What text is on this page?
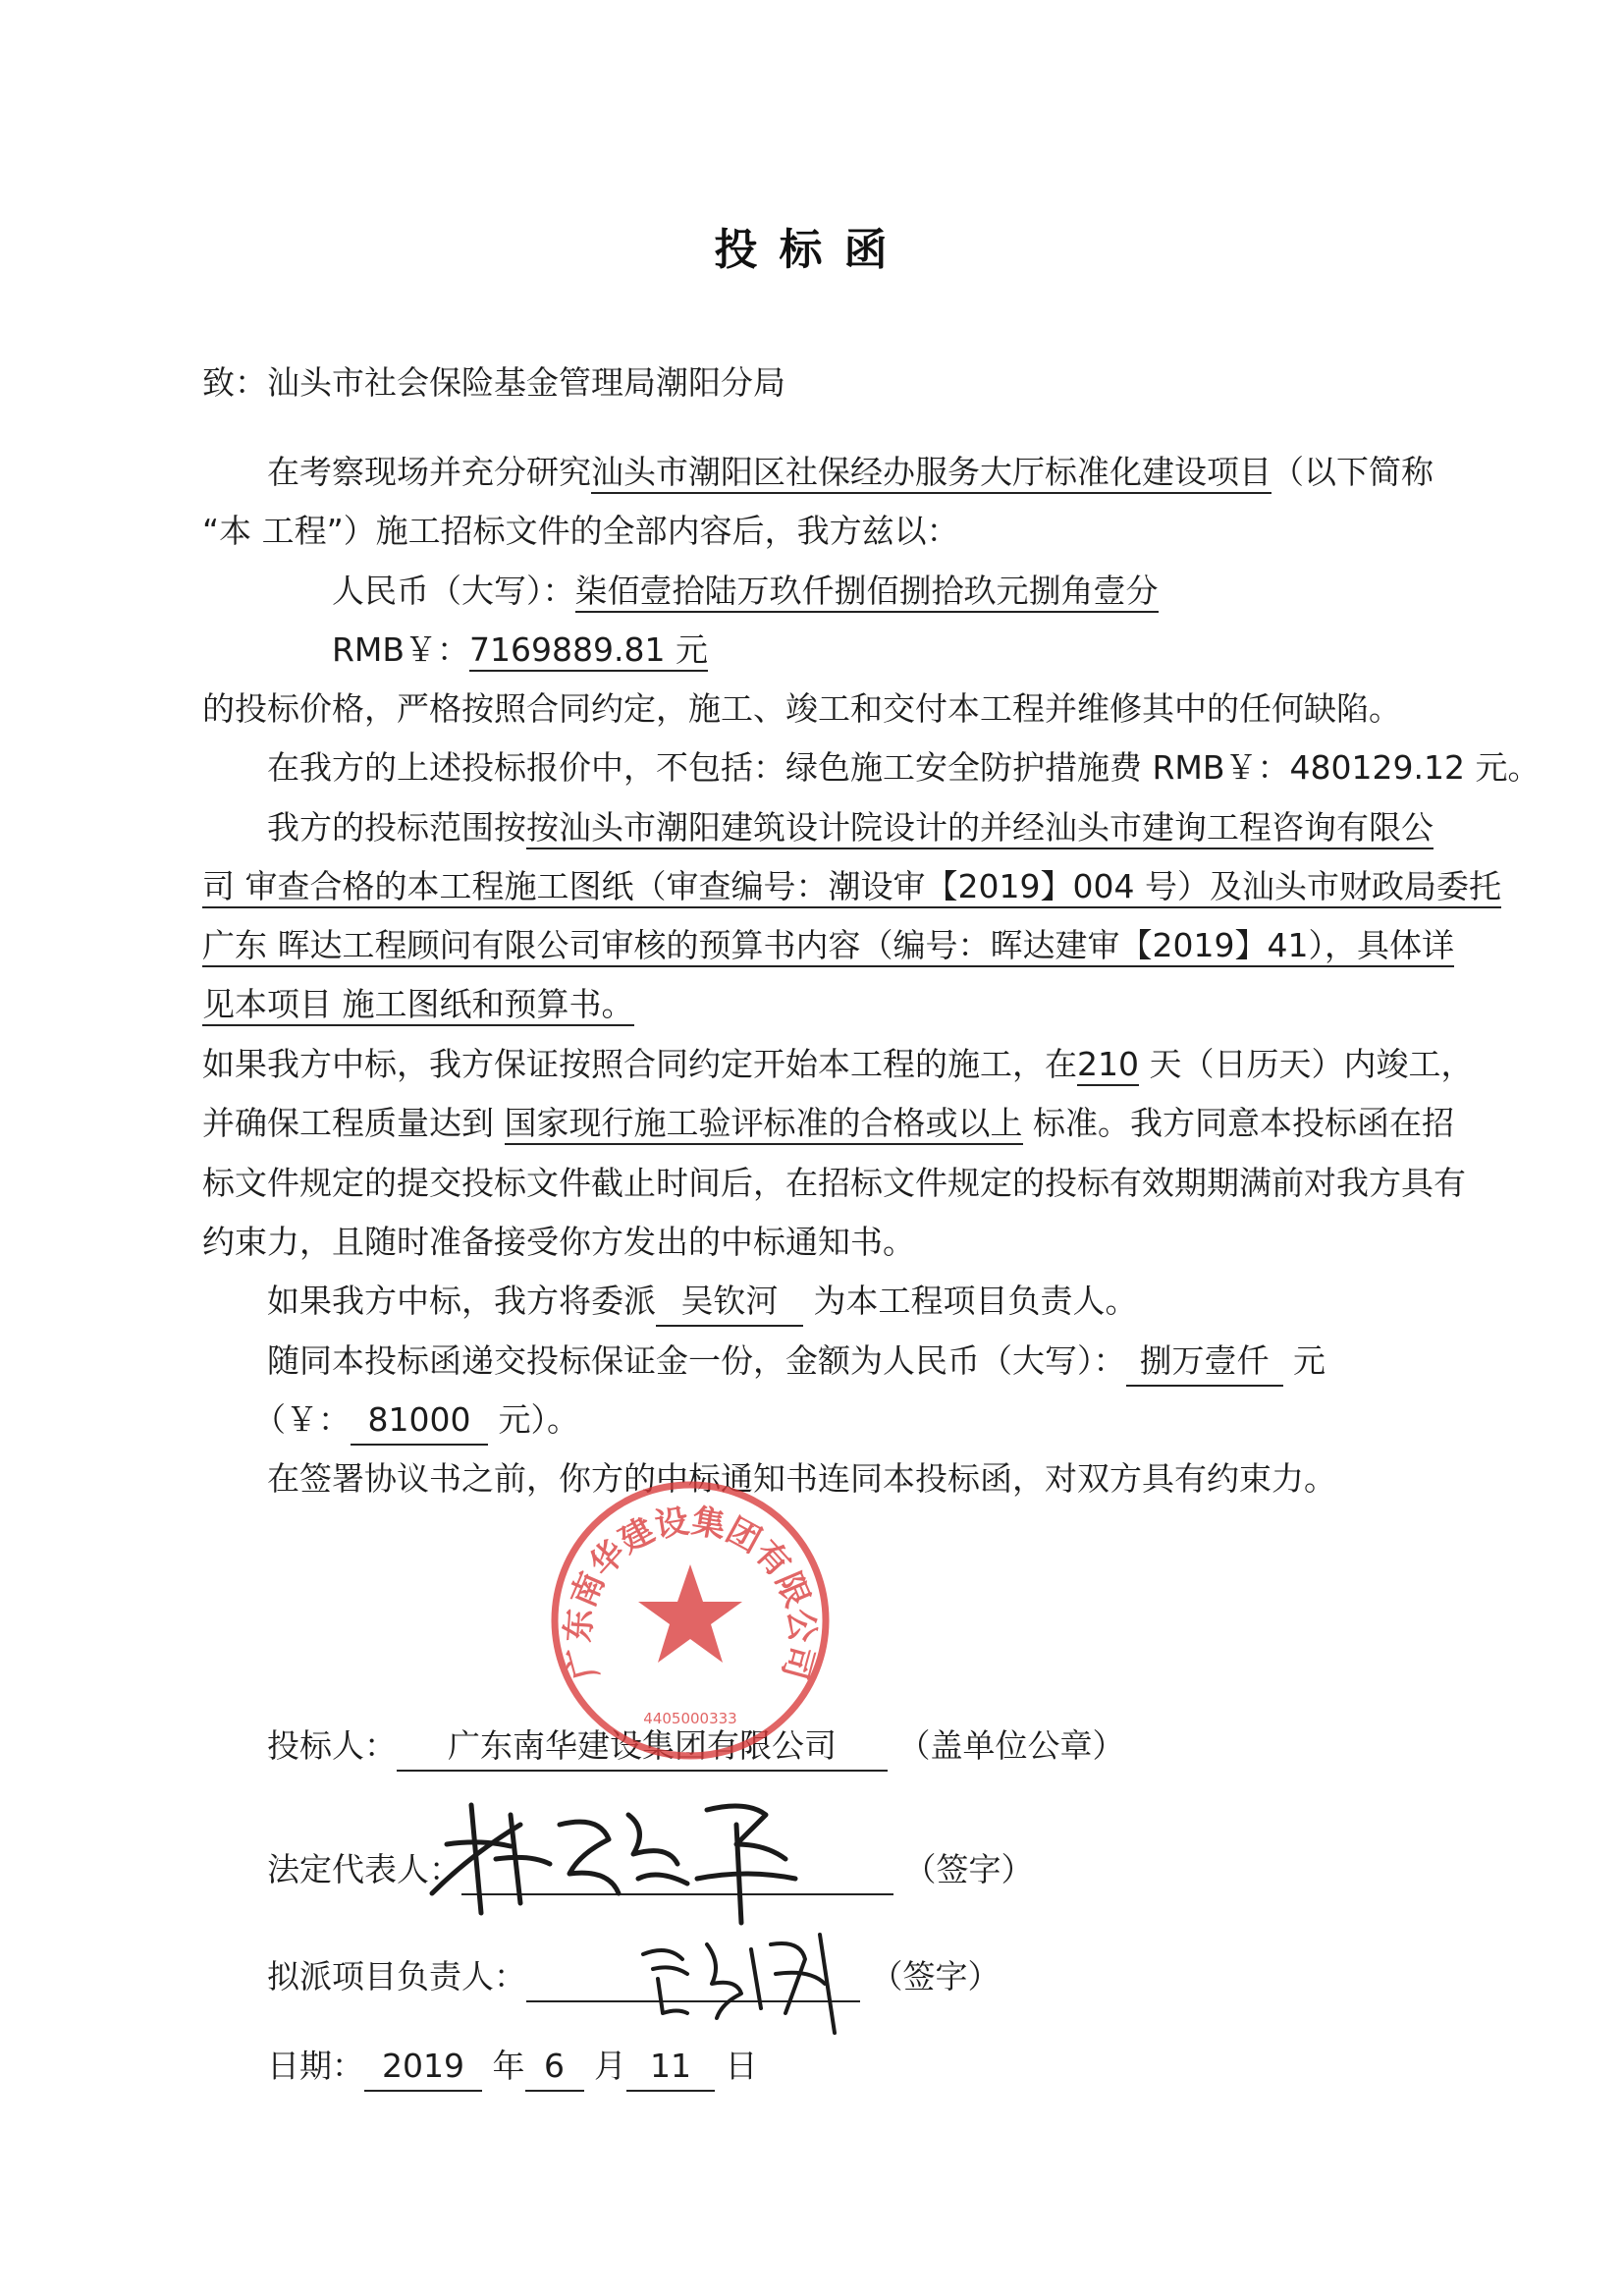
投标函
致：汕头市社会保险基金管理局潮阳分局
在考察现场并充分研究汕头市潮阳区社保经办服务大厅标准化建设项目（以下简称
“本 工程”）施工招标文件的全部内容后，我方兹以：
人民币（大写）：柒佰壹拾陆万玖仟捌佰捌拾玖元捌角壹分
RMB￥：7169889.81 元
的投标价格，严格按照合同约定，施工、竣工和交付本工程并维修其中的任何缺陷。
在我方的上述投标报价中，不包括：绿色施工安全防护措施费 RMB￥：480129.12 元。
我方的投标范围按按汕头市潮阳建筑设计院设计的并经汕头市建询工程咨询有限公
司 审查合格的本工程施工图纸（审查编号：潮设审【2019】004 号）及汕头市财政局委托
广东 晖达工程顾问有限公司审核的预算书内容（编号：晖达建审【2019】41），具体详
见本项目 施工图纸和预算书。
如果我方中标，我方保证按照合同约定开始本工程的施工，在210 天（日历天）内竣工，
并确保工程质量达到 国家现行施工验评标准的合格或以上 标准。我方同意本投标函在招
标文件规定的提交投标文件截止时间后，在招标文件规定的投标有效期期满前对我方具有
约束力，且随时准备接受你方发出的中标通知书。
如果我方中标，我方将委派 吴钦河 为本工程项目负责人。
随同本投标函递交投标保证金一份，金额为人民币（大写）： 捌万壹仟 元
（￥： 81000 元）。
在签署协议书之前，你方的中标通知书连同本投标函，对双方具有约束力。
投标人： 广东南华建设集团有限公司 （盖单位公章）
法定代表人：	（签字）
拟派项目负责人：	（签字）
日期： 2019 年 6 月 11 日
广东南华建设集团有限公司
4405000333
